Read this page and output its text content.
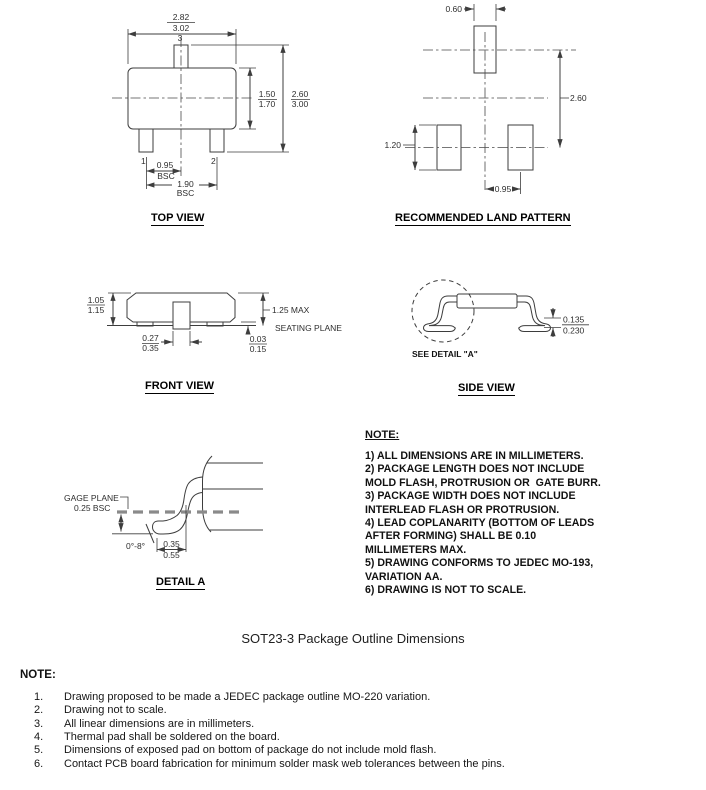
2.82
3.02
1.50
1.70
2.60
3.00
3
1	2
0.95
BSC
1.90
BSC
0.60
2.60
1.20
0.95
1.05
1.15
0.27
0.35
0.03
0.15
1.25 MAX
SEATING PLANE
0.135
0.230
SEE DETAIL "A"
GAGE PLANE
0.25 BSC
0°-8° 0.35
0.55
TOP VIEW	RECOMMENDED LAND PATTERN
FRONT VIEW	SIDE VIEW
DETAIL A
NOTE:
1) ALL DIMENSIONS ARE IN MILLIMETERS.
2) PACKAGE LENGTH DOES NOT INCLUDE
MOLD FLASH, PROTRUSION OR  GATE BURR.
3) PACKAGE WIDTH DOES NOT INCLUDE
INTERLEAD FLASH OR PROTRUSION.
4) LEAD COPLANARITY (BOTTOM OF LEADS
AFTER FORMING) SHALL BE 0.10
MILLIMETERS MAX.
5) DRAWING CONFORMS TO JEDEC MO-193,
VARIATION AA.
6) DRAWING IS NOT TO SCALE.
SOT23-3 Package Outline Dimensions
NOTE:
1.	Drawing proposed to be made a JEDEC package outline MO-220 variation.
2.	Drawing not to scale.
3.	All linear dimensions are in millimeters.
4.	Thermal pad shall be soldered on the board.
5.	Dimensions of exposed pad on bottom of package do not include mold flash.
6.	Contact PCB board fabrication for minimum solder mask web tolerances between the pins.
